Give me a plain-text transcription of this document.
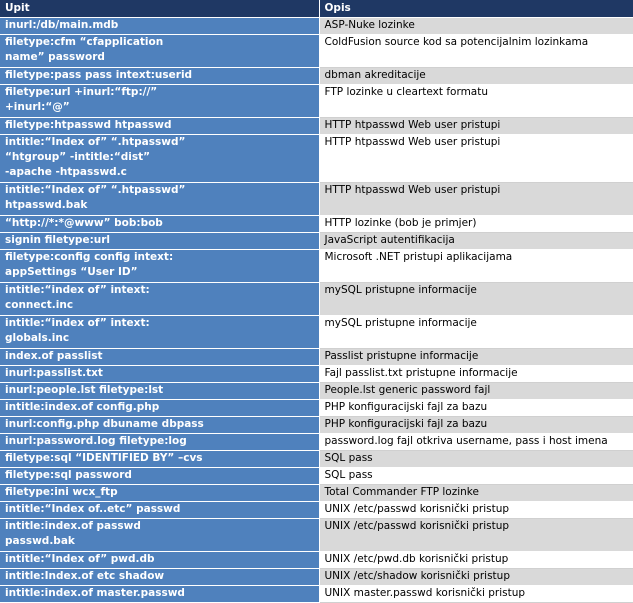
Upit	Opis
inurl:/db/main.mdb	ASP-Nuke lozinke
filetype:cfm “cfapplication
name” password	ColdFusion source kod sa potencijalnim lozinkama
filetype:pass pass intext:userid	dbman akreditacije
filetype:url +inurl:“ftp://”
+inurl:“@”	FTP lozinke u cleartext formatu
filetype:htpasswd htpasswd	HTTP htpasswd Web user pristupi
intitle:“Index of” “.htpasswd”
“htgroup” -intitle:“dist”
-apache -htpasswd.c	HTTP htpasswd Web user pristupi
intitle:“Index of” “.htpasswd”
htpasswd.bak	HTTP htpasswd Web user pristupi
“http://*:*@www” bob:bob	HTTP lozinke (bob je primjer)
signin filetype:url	JavaScript autentifikacija
filetype:config config intext:
appSettings “User ID”	Microsoft .NET pristupi aplikacijama
intitle:“index of” intext:
connect.inc	mySQL pristupne informacije
intitle:“index of” intext:
globals.inc	mySQL pristupne informacije
index.of passlist	Passlist pristupne informacije
inurl:passlist.txt	Fajl passlist.txt pristupne informacije
inurl:people.lst filetype:lst	People.lst generic password fajl
intitle:index.of config.php	PHP konfiguracijski fajl za bazu
inurl:config.php dbuname dbpass	PHP konfiguracijski fajl za bazu
inurl:password.log filetype:log	password.log fajl otkriva username, pass i host imena
filetype:sql “IDENTIFIED BY” –cvs	SQL pass
filetype:sql password	SQL pass
filetype:ini wcx_ftp	Total Commander FTP lozinke
intitle:“Index of..etc” passwd	UNIX /etc/passwd korisnički pristup
intitle:index.of passwd
passwd.bak	UNIX /etc/passwd korisnički pristup
intitle:“Index of” pwd.db	UNIX /etc/pwd.db korisnički pristup
intitle:Index.of etc shadow	UNIX /etc/shadow korisnički pristup
intitle:index.of master.passwd	UNIX master.passwd korisnički pristup
